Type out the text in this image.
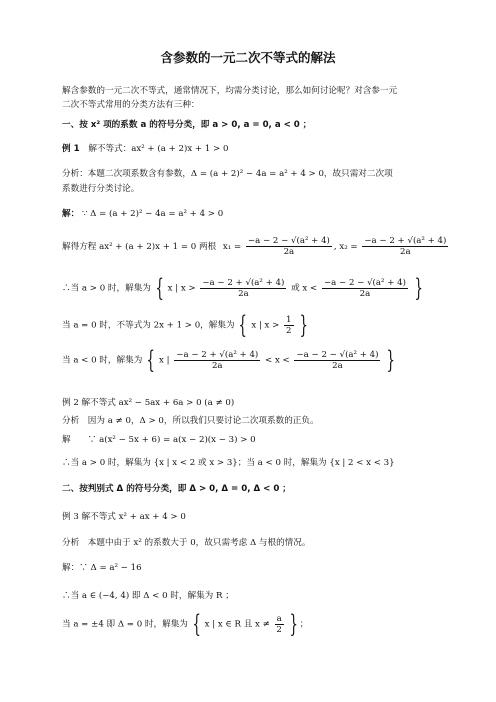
含参数的一元二次不等式的解法
解含参数的一元二次不等式，通常情况下，均需分类讨论，那么如何讨论呢？对含参一元
二次不等式常用的分类方法有三种：
一、按 x² 项的系数 a 的符号分类，即 a > 0, a = 0, a < 0 ；
例 1 解不等式：ax² + (a + 2)x + 1 > 0
分析：本题二次项系数含有参数，Δ = (a + 2)² − 4a = a² + 4 > 0，故只需对二次项
系数进行分类讨论。
解： ∵ Δ = (a + 2)² − 4a = a² + 4 > 0
解得方程 ax² + (a + 2)x + 1 = 0 两根 $x_1 = \frac{\text{−a − 2 − √(a² + 4)}}{2a}$ , $x_2 = \frac{\text{−a − 2 + √(a² + 4)}}{2a}$
∴当 a > 0 时，解集为 { x | $x > \frac{\text{−a − 2 + √(a² + 4)}}{2a}$ 或 $x < \frac{\text{−a − 2 − √(a² + 4)}}{2a}$ }
当 a = 0 时，不等式为 2x + 1 > 0，解集为 { x | $x > \frac{1}{2}$ }
当 a < 0 时，解集为 { x | $\frac{\text{−a − 2 + √(a² + 4)}}{2a} < x < \frac{\text{−a − 2 − √(a² + 4)}}{2a}$ }
例 2 解不等式 ax² − 5ax + 6a > 0 (a ≠ 0)
分析　因为 a ≠ 0，Δ > 0，所以我们只要讨论二次项系数的正负。
解　　∵ a(x² − 5x + 6) = a(x − 2)(x − 3) > 0
∴当 a > 0 时，解集为 {x | x < 2 或 x > 3}；当 a < 0 时，解集为 {x | 2 < x < 3}
二、按判别式 Δ 的符号分类，即 Δ > 0, Δ = 0, Δ < 0 ；
例 3 解不等式 x² + ax + 4 > 0
分析　本题中由于 x² 的系数大于 0，故只需考虑 Δ 与根的情况。
解：∵ Δ = a² − 16
∴当 a ∈ (−4, 4) 即 Δ < 0 时，解集为 R ；
当 a = ±4 即 Δ = 0 时，解集为 { x | x ∈ R 且 $x \ne \frac{a}{2}$ }；
